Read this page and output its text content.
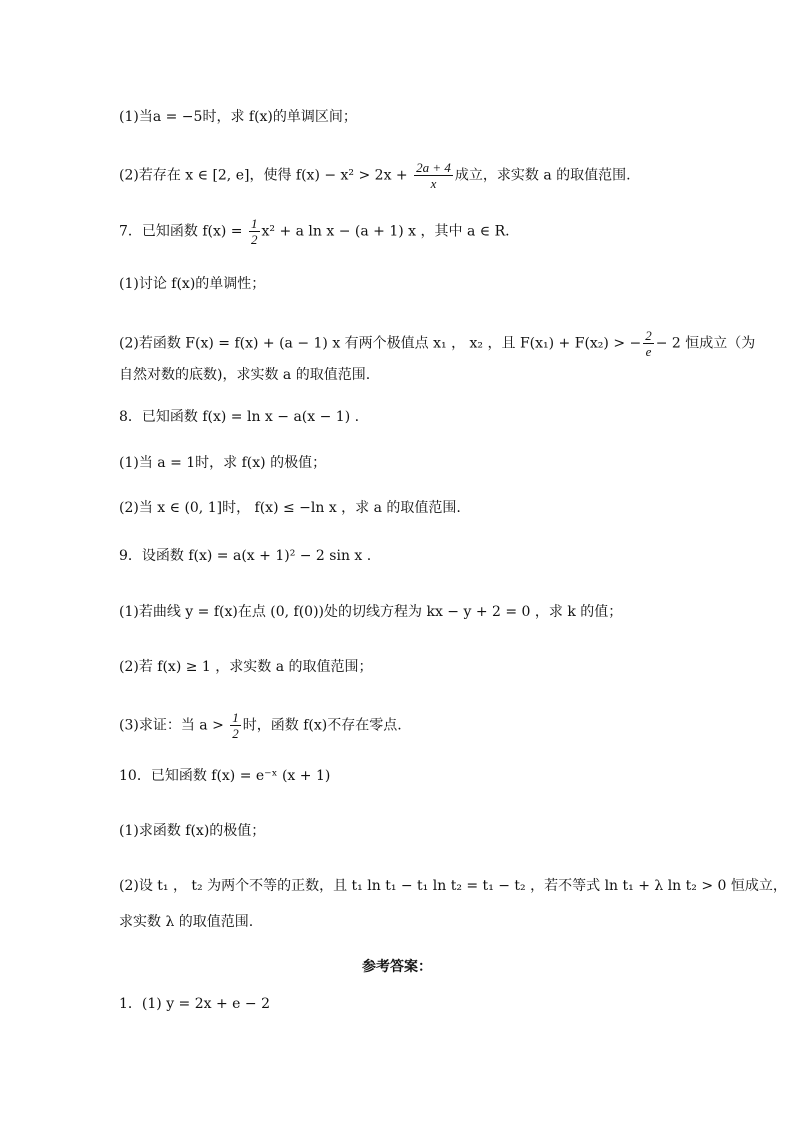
(1)当a = −5时，求 f(x)的单调区间；
(2)若存在 x ∈ [2, e]，使得 $f(x) - x^2 > 2x + \frac{2a + 4}{x}$ 成立，求实数 a 的取值范围.
7．已知函数 $f(x) = \frac{1}{2} x^2 + a$ ln x − (a + 1) x ，其中 a ∈ R.
(1)讨论 f(x)的单调性；
(2)若函数 F(x) = f(x) + (a − 1) x 有两个极值点 x₁ ， x₂ ，且 F(x₁) + F(x₂) > − $\frac{2}{e} - 2$ 恒成立（为
自然对数的底数)，求实数 a 的取值范围.
8．已知函数 f(x) = ln x − a(x − 1) .
(1)当 a = 1时，求 f(x) 的极值；
(2)当 x ∈ (0, 1]时， f(x) ≤ −ln x ，求 a 的取值范围.
9．设函数 f(x) = a(x + 1)² − 2 sin x .
(1)若曲线 y = f(x)在点 (0, f(0))处的切线方程为 kx − y + 2 = 0 ，求 k 的值；
(2)若 f(x) ≥ 1 ，求实数 a 的取值范围；
(3)求证：当 $a > \frac{1}{2}$ 时，函数 f(x)不存在零点.
10．已知函数 f(x) = e⁻ˣ (x + 1)
(1)求函数 f(x)的极值；
(2)设 t₁ ， t₂ 为两个不等的正数，且 t₁ ln t₁ − t₁ ln t₂ = t₁ − t₂ ，若不等式 ln t₁ + λ ln t₂ > 0 恒成立，
求实数 λ 的取值范围.
参考答案：
1．(1) y = 2x + e − 2
